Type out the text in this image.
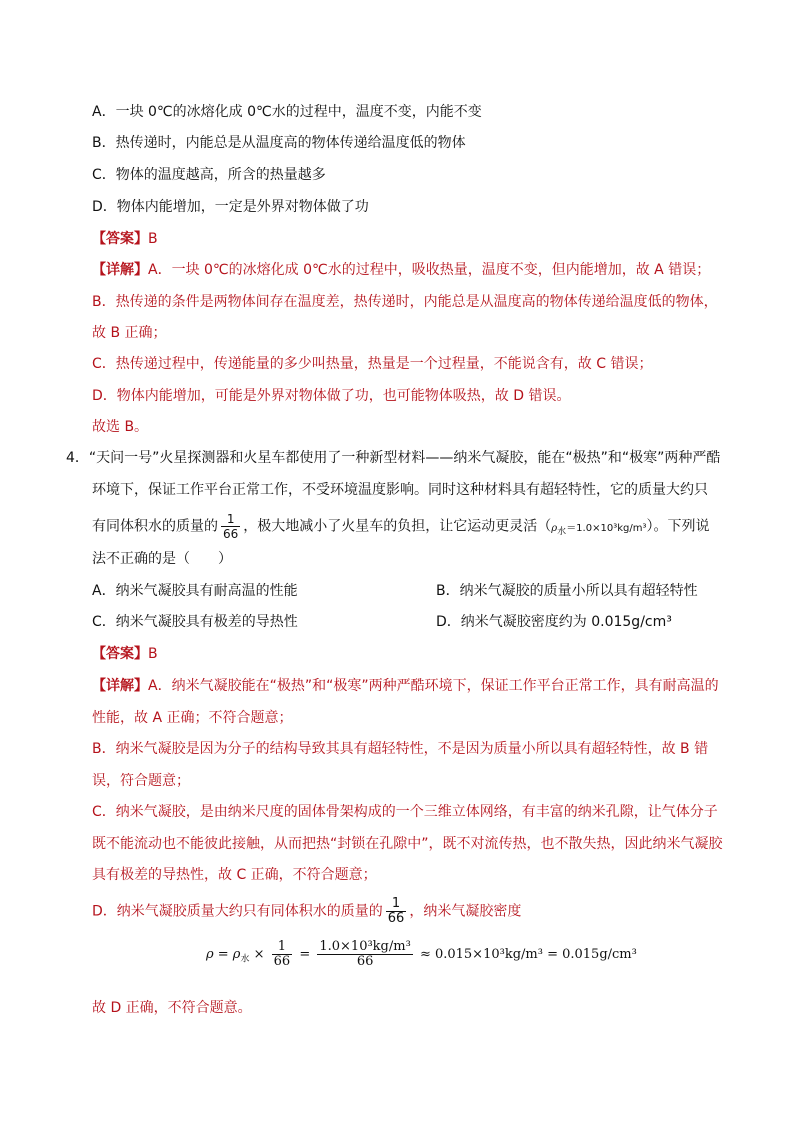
A．一块 0℃的冰熔化成 0℃水的过程中，温度不变，内能不变
B．热传递时，内能总是从温度高的物体传递给温度低的物体
C．物体的温度越高，所含的热量越多
D．物体内能增加，一定是外界对物体做了功
【答案】B
【详解】A．一块 0℃的冰熔化成 0℃水的过程中，吸收热量，温度不变，但内能增加，故 A 错误；
B．热传递的条件是两物体间存在温度差，热传递时，内能总是从温度高的物体传递给温度低的物体，
故 B 正确；
C．热传递过程中，传递能量的多少叫热量，热量是一个过程量，不能说含有，故 C 错误；
D．物体内能增加，可能是外界对物体做了功，也可能物体吸热，故 D 错误。
故选 B。
4．“天问一号”火星探测器和火星车都使用了一种新型材料——纳米气凝胶，能在“极热”和“极寒”两种严酷
环境下，保证工作平台正常工作，不受环境温度影响。同时这种材料具有超轻特性，它的质量大约只
有同体积水的质量的 $\frac{1}{66}$ ，极大地减小了火星车的负担，让它运动更灵活$(\rho_水=1.0\times 10^3kg/m^3)$。下列说
法不正确的是（　　）
A．纳米气凝胶具有耐高温的性能	B．纳米气凝胶的质量小所以具有超轻特性
C．纳米气凝胶具有极差的导热性	D．纳米气凝胶密度约为 0.015g/cm³
【答案】B
【详解】A．纳米气凝胶能在“极热”和“极寒”两种严酷环境下，保证工作平台正常工作，具有耐高温的
性能，故 A 正确；不符合题意；
B．纳米气凝胶是因为分子的结构导致其具有超轻特性，不是因为质量小所以具有超轻特性，故 B 错
误，符合题意；
C．纳米气凝胶，是由纳米尺度的固体骨架构成的一个三维立体网络，有丰富的纳米孔隙，让气体分子
既不能流动也不能彼此接触，从而把热“封锁在孔隙中”，既不对流传热，也不散失热，因此纳米气凝胶
具有极差的导热性，故 C 正确，不符合题意；
D．纳米气凝胶质量大约只有同体积水的质量的 $\frac{1}{66}$ ，纳米气凝胶密度
$\rho = \rho_水 \times \frac{1}{66} = \frac{\text{1.0×10³kg/m³}}{66} \approx 0.015\times 10^3kg/m^3 = 0.015g/cm^3$
故 D 正确，不符合题意。
